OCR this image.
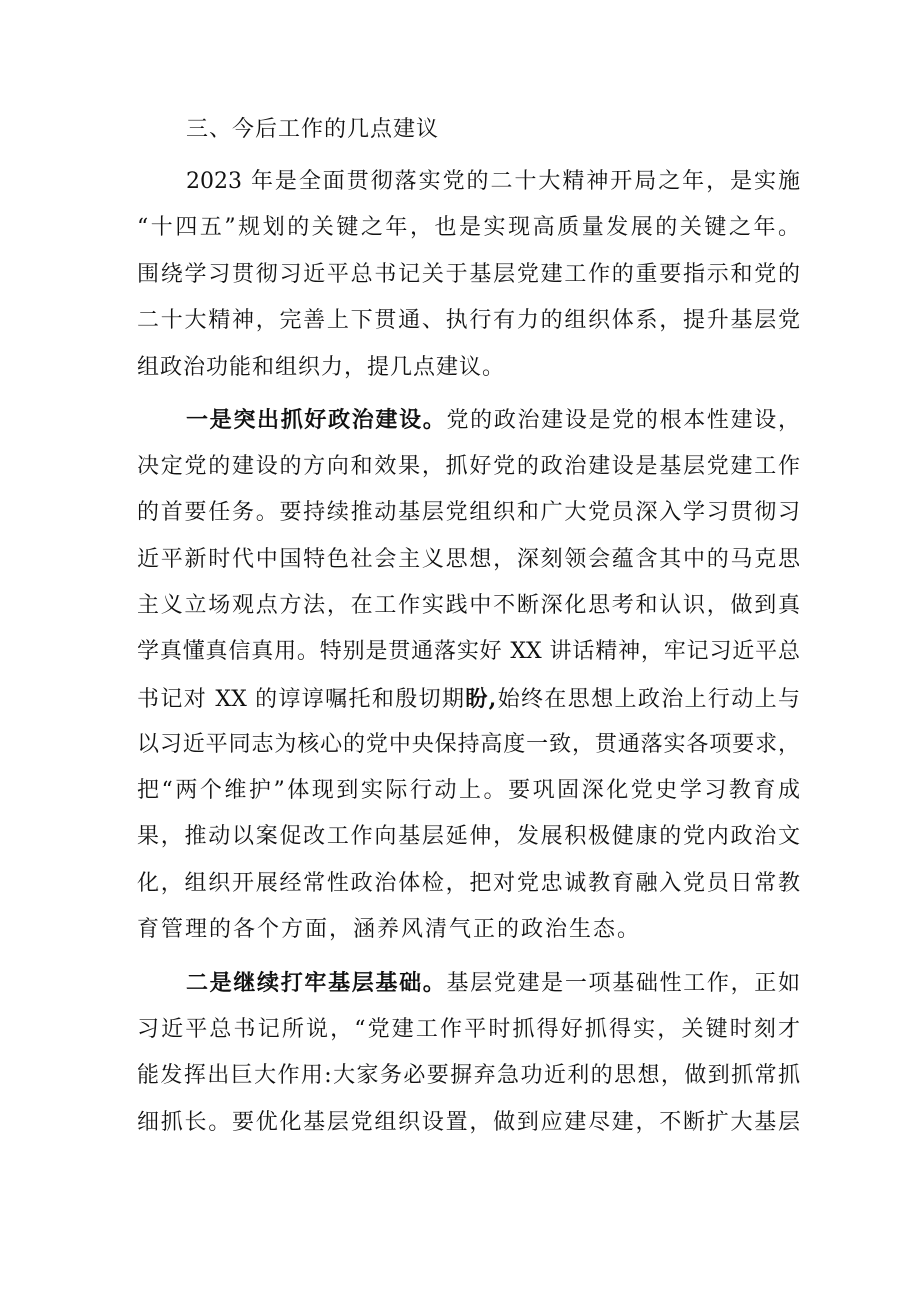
三、今后工作的几点建议
2023 年是全面贯彻落实党的二十大精神开局之年，是实施
“十四五”规划的关键之年，也是实现高质量发展的关键之年。
围绕学习贯彻习近平总书记关于基层党建工作的重要指示和党的
二十大精神，完善上下贯通、执行有力的组织体系，提升基层党
组政治功能和组织力，提几点建议。
一是突出抓好政治建设。党的政治建设是党的根本性建设，
决定党的建设的方向和效果，抓好党的政治建设是基层党建工作
的首要任务。要持续推动基层党组织和广大党员深入学习贯彻习
近平新时代中国特色社会主义思想，深刻领会蕴含其中的马克思
主义立场观点方法，在工作实践中不断深化思考和认识，做到真
学真懂真信真用。特别是贯通落实好 XX 讲话精神，牢记习近平总
书记对 XX 的谆谆嘱托和殷切期盼,始终在思想上政治上行动上与
以习近平同志为核心的党中央保持高度一致，贯通落实各项要求，
把“两个维护”体现到实际行动上。要巩固深化党史学习教育成
果，推动以案促改工作向基层延伸，发展积极健康的党内政治文
化，组织开展经常性政治体检，把对党忠诚教育融入党员日常教
育管理的各个方面，涵养风清气正的政治生态。
二是继续打牢基层基础。基层党建是一项基础性工作，正如
习近平总书记所说，“党建工作平时抓得好抓得实，关键时刻才
能发挥出巨大作用:大家务必要摒弃急功近利的思想，做到抓常抓
细抓长。要优化基层党组织设置，做到应建尽建，不断扩大基层
